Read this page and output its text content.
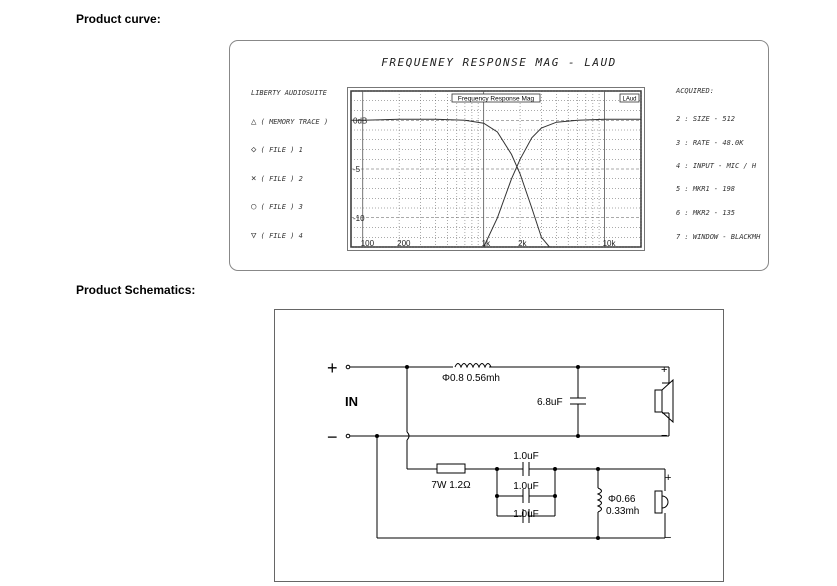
Product curve:
FREQUENEY RESPONSE MAG - LAUD
LIBERTY AUDIOSUITE
△ ( MEMORY TRACE )
◇ ( FILE ) 1
× ( FILE ) 2
○ ( FILE ) 3
▽ ( FILE ) 4
ACQUIRED:
2 : SIZE - 512
3 : RATE - 48.0K
4 : INPUT - MIC / H
5 : MKR1 - 198
6 : MKR2 - 135
7 : WINDOW - BLACKMH
0dB
-5
-10
100	200	1k	2k	10k
Frequency Response Mag	LAud
Product Schematics:
+
−
IN
Φ0.8 0.56mh
6.8uF
7W 1.2Ω
1.0uF
1.0uF
1.0uF
Φ0.66
0.33mh
+
−
+
−
